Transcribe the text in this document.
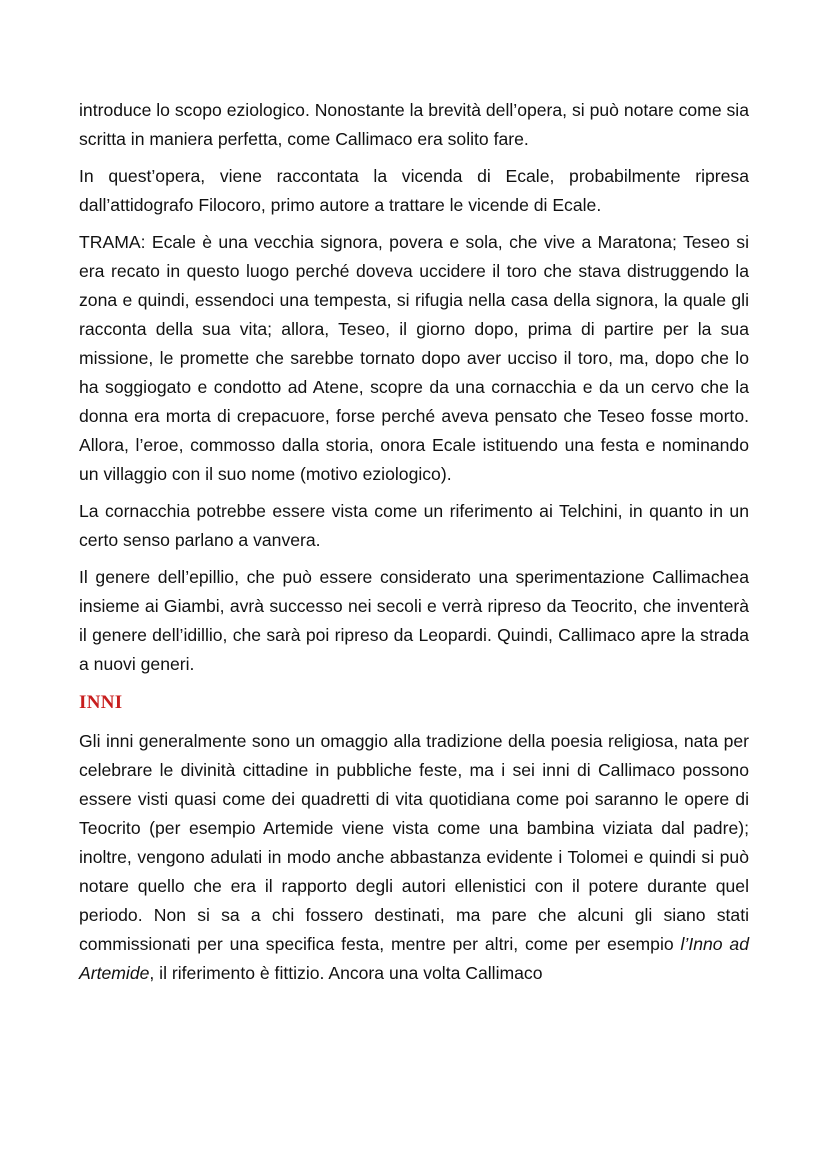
introduce lo scopo eziologico. Nonostante la brevità dell’opera, si può notare come sia scritta in maniera perfetta, come Callimaco era solito fare.

In quest’opera, viene raccontata la vicenda di Ecale, probabilmente ripresa dall’attidografo Filocoro, primo autore a trattare le vicende di Ecale.

TRAMA: Ecale è una vecchia signora, povera e sola, che vive a Maratona; Teseo si era recato in questo luogo perché doveva uccidere il toro che stava distruggendo la zona e quindi, essendoci una tempesta, si rifugia nella casa della signora, la quale gli racconta della sua vita; allora, Teseo, il giorno dopo, prima di partire per la sua missione, le promette che sarebbe tornato dopo aver ucciso il toro, ma, dopo che lo ha soggiogato e condotto ad Atene, scopre da una cornacchia e da un cervo che la donna era morta di crepacuore, forse perché aveva pensato che Teseo fosse morto. Allora, l’eroe, commosso dalla storia, onora Ecale istituendo una festa e nominando un villaggio con il suo nome (motivo eziologico).

La cornacchia potrebbe essere vista come un riferimento ai Telchini, in quanto in un certo senso parlano a vanvera.

Il genere dell’epillio, che può essere considerato una sperimentazione Callimachea insieme ai Giambi, avrà successo nei secoli e verrà ripreso da Teocrito, che inventerà il genere dell’idillio, che sarà poi ripreso da Leopardi. Quindi, Callimaco apre la strada a nuovi generi.

INNI

Gli inni generalmente sono un omaggio alla tradizione della poesia religiosa, nata per celebrare le divinità cittadine in pubbliche feste, ma i sei inni di Callimaco possono essere visti quasi come dei quadretti di vita quotidiana come poi saranno le opere di Teocrito (per esempio Artemide viene vista come una bambina viziata dal padre); inoltre, vengono adulati in modo anche abbastanza evidente i Tolomei e quindi si può notare quello che era il rapporto degli autori ellenistici con il potere durante quel periodo. Non si sa a chi fossero destinati, ma pare che alcuni gli siano stati commissionati per una specifica festa, mentre per altri, come per esempio l’Inno ad Artemide, il riferimento è fittizio. Ancora una volta Callimaco
